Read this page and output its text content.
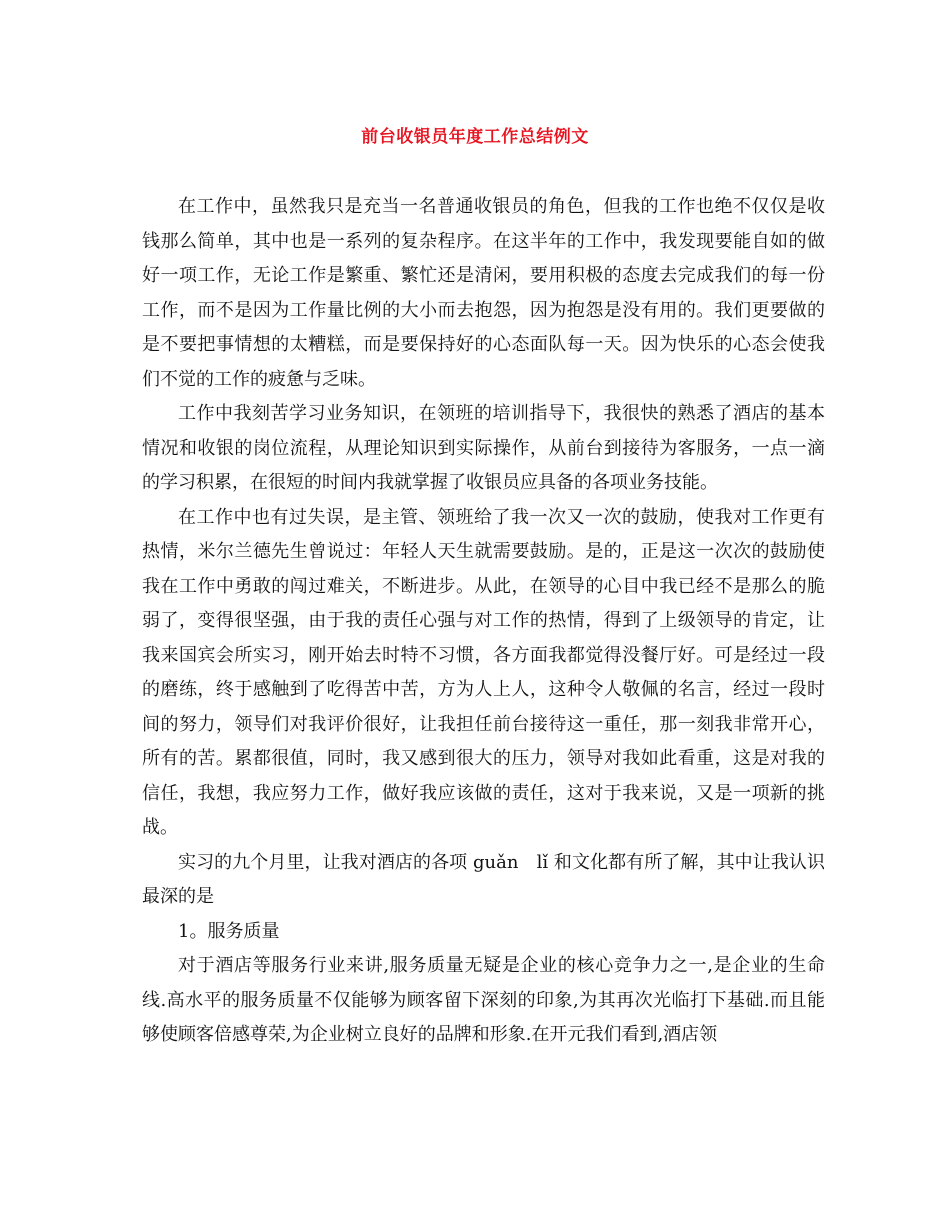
前台收银员年度工作总结例文

在工作中，虽然我只是充当一名普通收银员的角色，但我的工作也绝不仅仅是收钱那么简单，其中也是一系列的复杂程序。在这半年的工作中，我发现要能自如的做好一项工作，无论工作是繁重、繁忙还是清闲，要用积极的态度去完成我们的每一份工作，而不是因为工作量比例的大小而去抱怨，因为抱怨是没有用的。我们更要做的是不要把事情想的太糟糕，而是要保持好的心态面队每一天。因为快乐的心态会使我们不觉的工作的疲惫与乏味。

工作中我刻苦学习业务知识，在领班的培训指导下，我很快的熟悉了酒店的基本情况和收银的岗位流程，从理论知识到实际操作，从前台到接待为客服务，一点一滴的学习积累，在很短的时间内我就掌握了收银员应具备的各项业务技能。

在工作中也有过失误，是主管、领班给了我一次又一次的鼓励，使我对工作更有热情，米尔兰德先生曾说过：年轻人天生就需要鼓励。是的，正是这一次次的鼓励使我在工作中勇敢的闯过难关，不断进步。从此，在领导的心目中我已经不是那么的脆弱了，变得很坚强，由于我的责任心强与对工作的热情，得到了上级领导的肯定，让我来国宾会所实习，刚开始去时特不习惯，各方面我都觉得没餐厅好。可是经过一段的磨练，终于感触到了吃得苦中苦，方为人上人，这种令人敬佩的名言，经过一段时间的努力，领导们对我评价很好，让我担任前台接待这一重任，那一刻我非常开心，所有的苦。累都很值，同时，我又感到很大的压力，领导对我如此看重，这是对我的信任，我想，我应努力工作，做好我应该做的责任，这对于我来说，又是一项新的挑战。

实习的九个月里，让我对酒店的各项 guǎn　lǐ 和文化都有所了解，其中让我认识最深的是

1。服务质量

对于酒店等服务行业来讲,服务质量无疑是企业的核心竞争力之一,是企业的生命线.高水平的服务质量不仅能够为顾客留下深刻的印象,为其再次光临打下基础.而且能够使顾客倍感尊荣,为企业树立良好的品牌和形象.在开元我们看到,酒店领
